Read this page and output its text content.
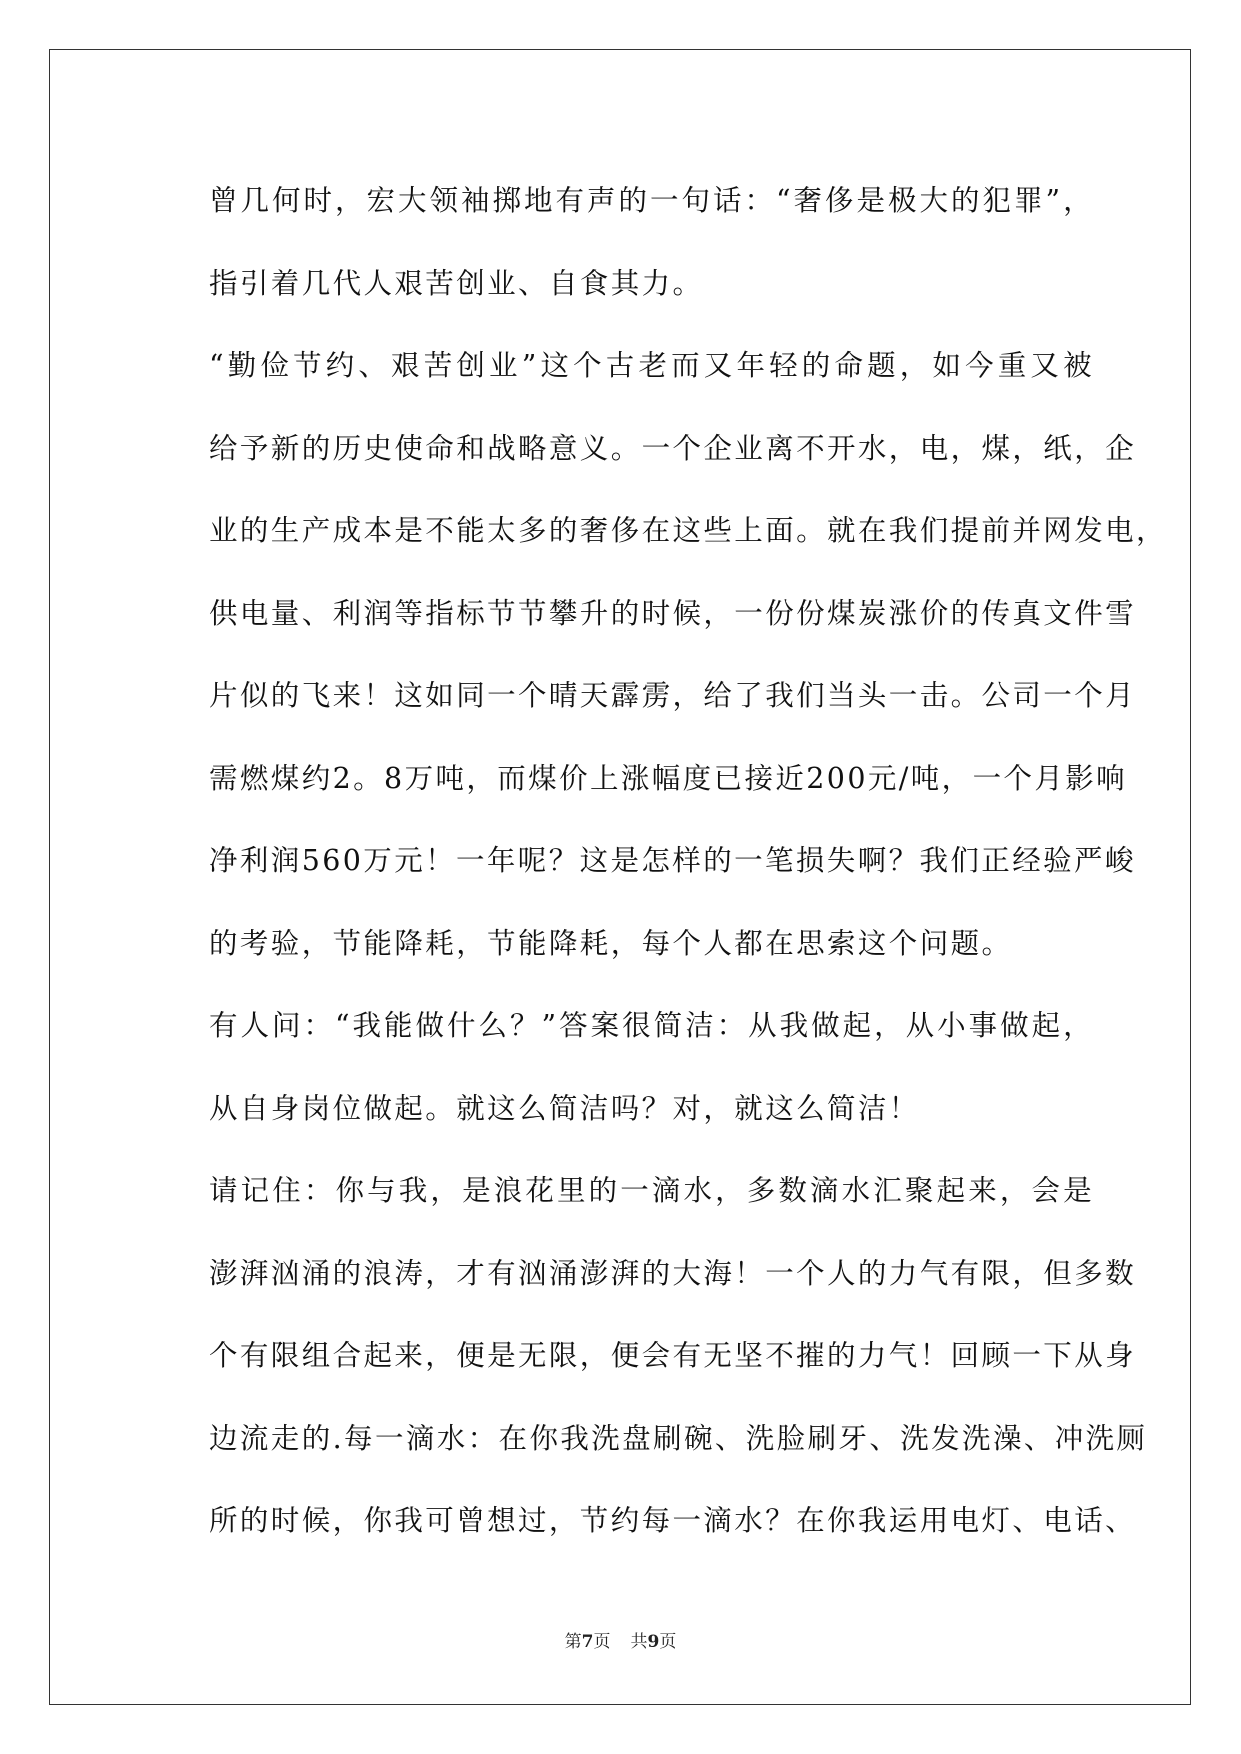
曾几何时，宏大领袖掷地有声的一句话：“奢侈是极大的犯罪”，
指引着几代人艰苦创业、自食其力。

“勤俭节约、艰苦创业”这个古老而又年轻的命题，如今重又被
给予新的历史使命和战略意义。一个企业离不开水，电，煤，纸，企
业的生产成本是不能太多的奢侈在这些上面。就在我们提前并网发电，
供电量、利润等指标节节攀升的时候，一份份煤炭涨价的传真文件雪
片似的飞来！这如同一个晴天霹雳，给了我们当头一击。公司一个月
需燃煤约2。8万吨，而煤价上涨幅度已接近200元/吨，一个月影响
净利润560万元！一年呢？这是怎样的一笔损失啊？我们正经验严峻
的考验，节能降耗，节能降耗，每个人都在思索这个问题。

有人问：“我能做什么？”答案很简洁：从我做起，从小事做起，
从自身岗位做起。就这么简洁吗？对，就这么简洁！

请记住：你与我，是浪花里的一滴水，多数滴水汇聚起来，会是
澎湃汹涌的浪涛，才有汹涌澎湃的大海！一个人的力气有限，但多数
个有限组合起来，便是无限，便会有无坚不摧的力气！回顾一下从身
边流走的.每一滴水：在你我洗盘刷碗、洗脸刷牙、洗发洗澡、冲洗厕
所的时候，你我可曾想过，节约每一滴水？在你我运用电灯、电话、

第7页 共9页
